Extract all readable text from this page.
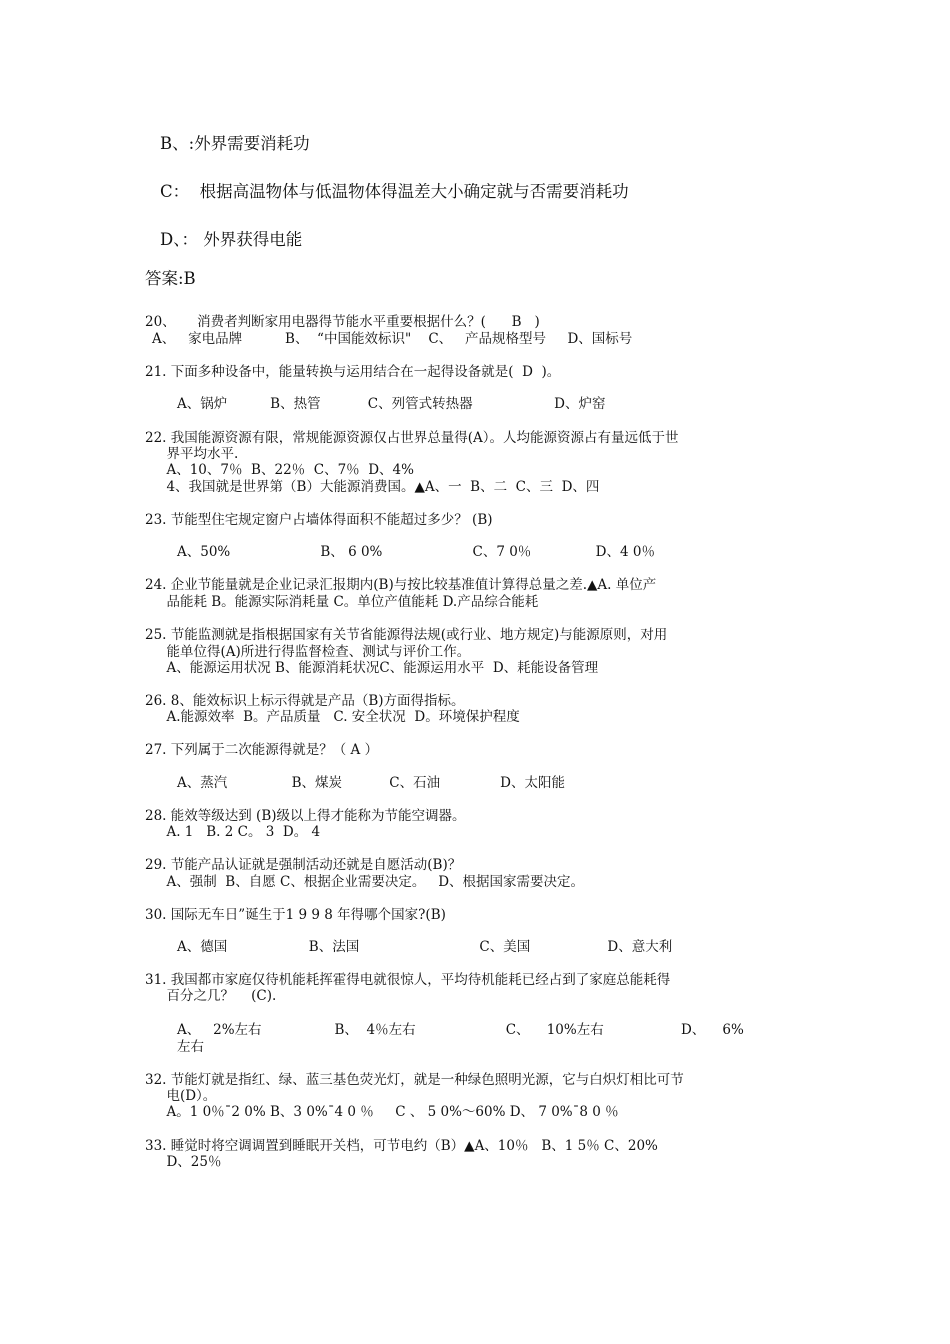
B、:外界需要消耗功
C：  根据高温物体与低温物体得温差大小确定就与否需要消耗功
D、： 外界获得电能
答案:B
20、     消费者判断家用电器得节能水平重要根据什么？(      B   )
A、   家电品牌          B、  “中国能效标识"    C、   产品规格型号     D、国标号
21. 下面多种设备中，能量转换与运用结合在一起得设备就是(  D  )。
A、锅炉          B、热管           C、列管式转热器                   D、炉窑
22. 我国能源资源有限，常规能源资源仅占世界总量得(A）。人均能源资源占有量远低于世
界平均水平.
A、10、7％  B、22％  C、7％  D、4%
4、我国就是世界第（B）大能源消费国。▲A、一  B、二  C、三  D、四
23. 节能型住宅规定窗户占墙体得面积不能超过多少？ (B)
A、50%                     B、 6 0%                     C、7 0％               D、4 0％
24. 企业节能量就是企业记录汇报期内(B)与按比较基准值计算得总量之差.▲A. 单位产
品能耗 B。能源实际消耗量 C。单位产值能耗 D.产品综合能耗
25. 节能监测就是指根据国家有关节省能源得法规(或行业、地方规定)与能源原则，对用
能单位得(A)所进行得监督检查、测试与评价工作。
A、能源运用状况 B、能源消耗状况C、能源运用水平  D、耗能设备管理
26. 8、能效标识上标示得就是产品（B)方面得指标。
A.能源效率  B。产品质量   C. 安全状况  D。环境保护程度
27. 下列属于二次能源得就是？（ A ）
A、蒸汽               B、煤炭           C、石油              D、太阳能
28. 能效等级达到 (B)级以上得才能称为节能空调器。
A. 1   B. 2 C。 3  D。 4
29. 节能产品认证就是强制活动还就是自愿活动(B)？
A、强制  B、自愿 C、根据企业需要决定。   D、根据国家需要决定。
30. 国际无车日”诞生于1 9 9 8 年得哪个国家?(B)
A、德国                   B、法国                            C、美国                  D、意大利
31. 我国都市家庭仅待机能耗挥霍得电就很惊人，平均待机能耗已经占到了家庭总能耗得
百分之几？    (C).
A、   2%左右                 B、  4％左右                     C、    10%左右                  D、    6%
左右
32. 节能灯就是指红、绿、蓝三基色荧光灯，就是一种绿色照明光源，它与白炽灯相比可节
电(D）。
A。1 0％¯2 0% B、3 0%¯4 0 ％     C 、 5 0%～60% D、 7 0%¯8 0 ％
33. 睡觉时将空调调置到睡眠开关档，可节电约（B）▲A、10％   B、1 5％ C、20%
D、25％
